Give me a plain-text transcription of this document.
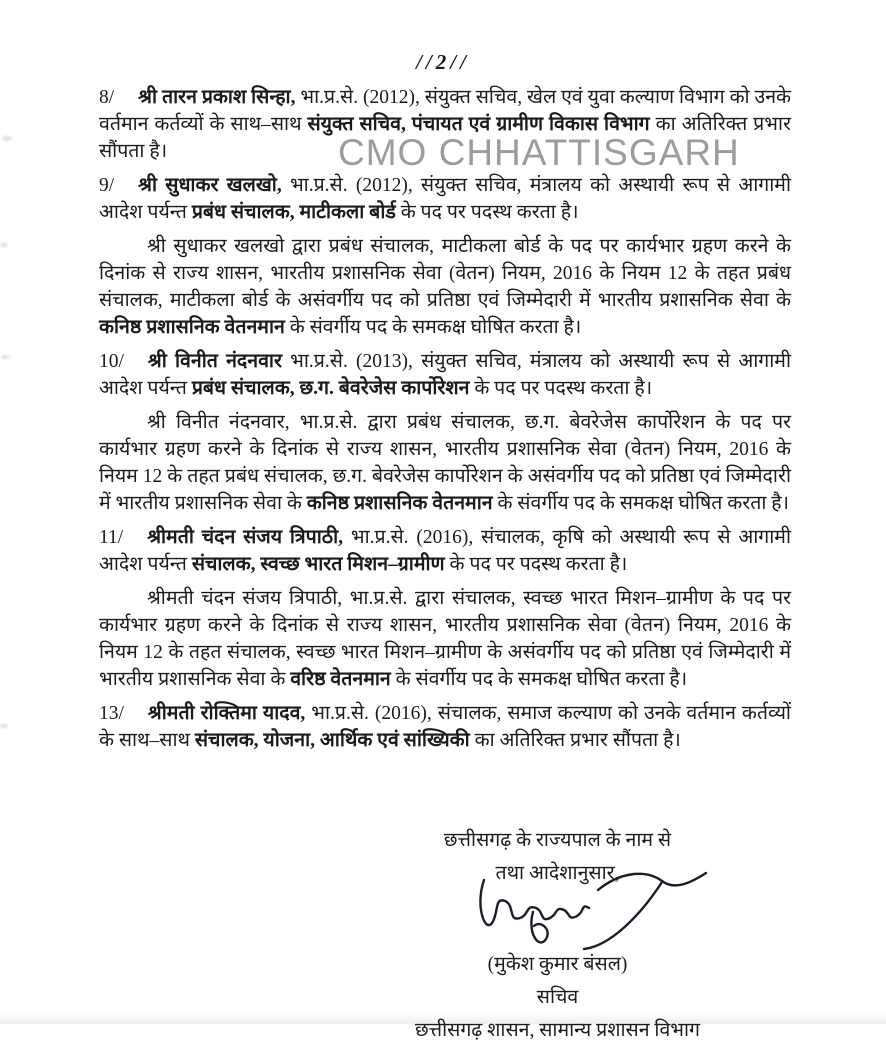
//2//
CMO CHHATTISGARH
8/ श्री तारन प्रकाश सिन्हा, भा.प्र.से. (2012), संयुक्त सचिव, खेल एवं युवा कल्याण विभाग को उनके वर्तमान कर्तव्यों के साथ–साथ संयुक्त सचिव, पंचायत एवं ग्रामीण विकास विभाग का अतिरिक्त प्रभार सौंपता है।
9/ श्री सुधाकर खलखो, भा.प्र.से. (2012), संयुक्त सचिव, मंत्रालय को अस्थायी रूप से आगामी आदेश पर्यन्त प्रबंध संचालक, माटीकला बोर्ड के पद पर पदस्थ करता है।
श्री सुधाकर खलखो द्वारा प्रबंध संचालक, माटीकला बोर्ड के पद पर कार्यभार ग्रहण करने के दिनांक से राज्य शासन, भारतीय प्रशासनिक सेवा (वेतन) नियम, 2016 के नियम 12 के तहत प्रबंध संचालक, माटीकला बोर्ड के असंवर्गीय पद को प्रतिष्ठा एवं जिम्मेदारी में भारतीय प्रशासनिक सेवा के कनिष्ठ प्रशासनिक वेतनमान के संवर्गीय पद के समकक्ष घोषित करता है।
10/ श्री विनीत नंदनवार भा.प्र.से. (2013), संयुक्त सचिव, मंत्रालय को अस्थायी रूप से आगामी आदेश पर्यन्त प्रबंध संचालक, छ.ग. बेवरेजेस कार्पोरेशन के पद पर पदस्थ करता है।
श्री विनीत नंदनवार, भा.प्र.से. द्वारा प्रबंध संचालक, छ.ग. बेवरेजेस कार्पोरेशन के पद पर कार्यभार ग्रहण करने के दिनांक से राज्य शासन, भारतीय प्रशासनिक सेवा (वेतन) नियम, 2016 के नियम 12 के तहत प्रबंध संचालक, छ.ग. बेवरेजेस कार्पोरेशन के असंवर्गीय पद को प्रतिष्ठा एवं जिम्मेदारी में भारतीय प्रशासनिक सेवा के कनिष्ठ प्रशासनिक वेतनमान के संवर्गीय पद के समकक्ष घोषित करता है।
11/ श्रीमती चंदन संजय त्रिपाठी, भा.प्र.से. (2016), संचालक, कृषि को अस्थायी रूप से आगामी आदेश पर्यन्त संचालक, स्वच्छ भारत मिशन–ग्रामीण के पद पर पदस्थ करता है।
श्रीमती चंदन संजय त्रिपाठी, भा.प्र.से. द्वारा संचालक, स्वच्छ भारत मिशन–ग्रामीण के पद पर कार्यभार ग्रहण करने के दिनांक से राज्य शासन, भारतीय प्रशासनिक सेवा (वेतन) नियम, 2016 के नियम 12 के तहत संचालक, स्वच्छ भारत मिशन–ग्रामीण के असंवर्गीय पद को प्रतिष्ठा एवं जिम्मेदारी में भारतीय प्रशासनिक सेवा के वरिष्ठ वेतनमान के संवर्गीय पद के समकक्ष घोषित करता है।
13/ श्रीमती रोक्तिमा यादव, भा.प्र.से. (2016), संचालक, समाज कल्याण को उनके वर्तमान कर्तव्यों के साथ–साथ संचालक, योजना, आर्थिक एवं सांख्यिकी का अतिरिक्त प्रभार सौंपता है।
छत्तीसगढ़ के राज्यपाल के नाम से
तथा आदेशानुसार,
(मुकेश कुमार बंसल)
सचिव
छत्तीसगढ़ शासन, सामान्य प्रशासन विभाग
